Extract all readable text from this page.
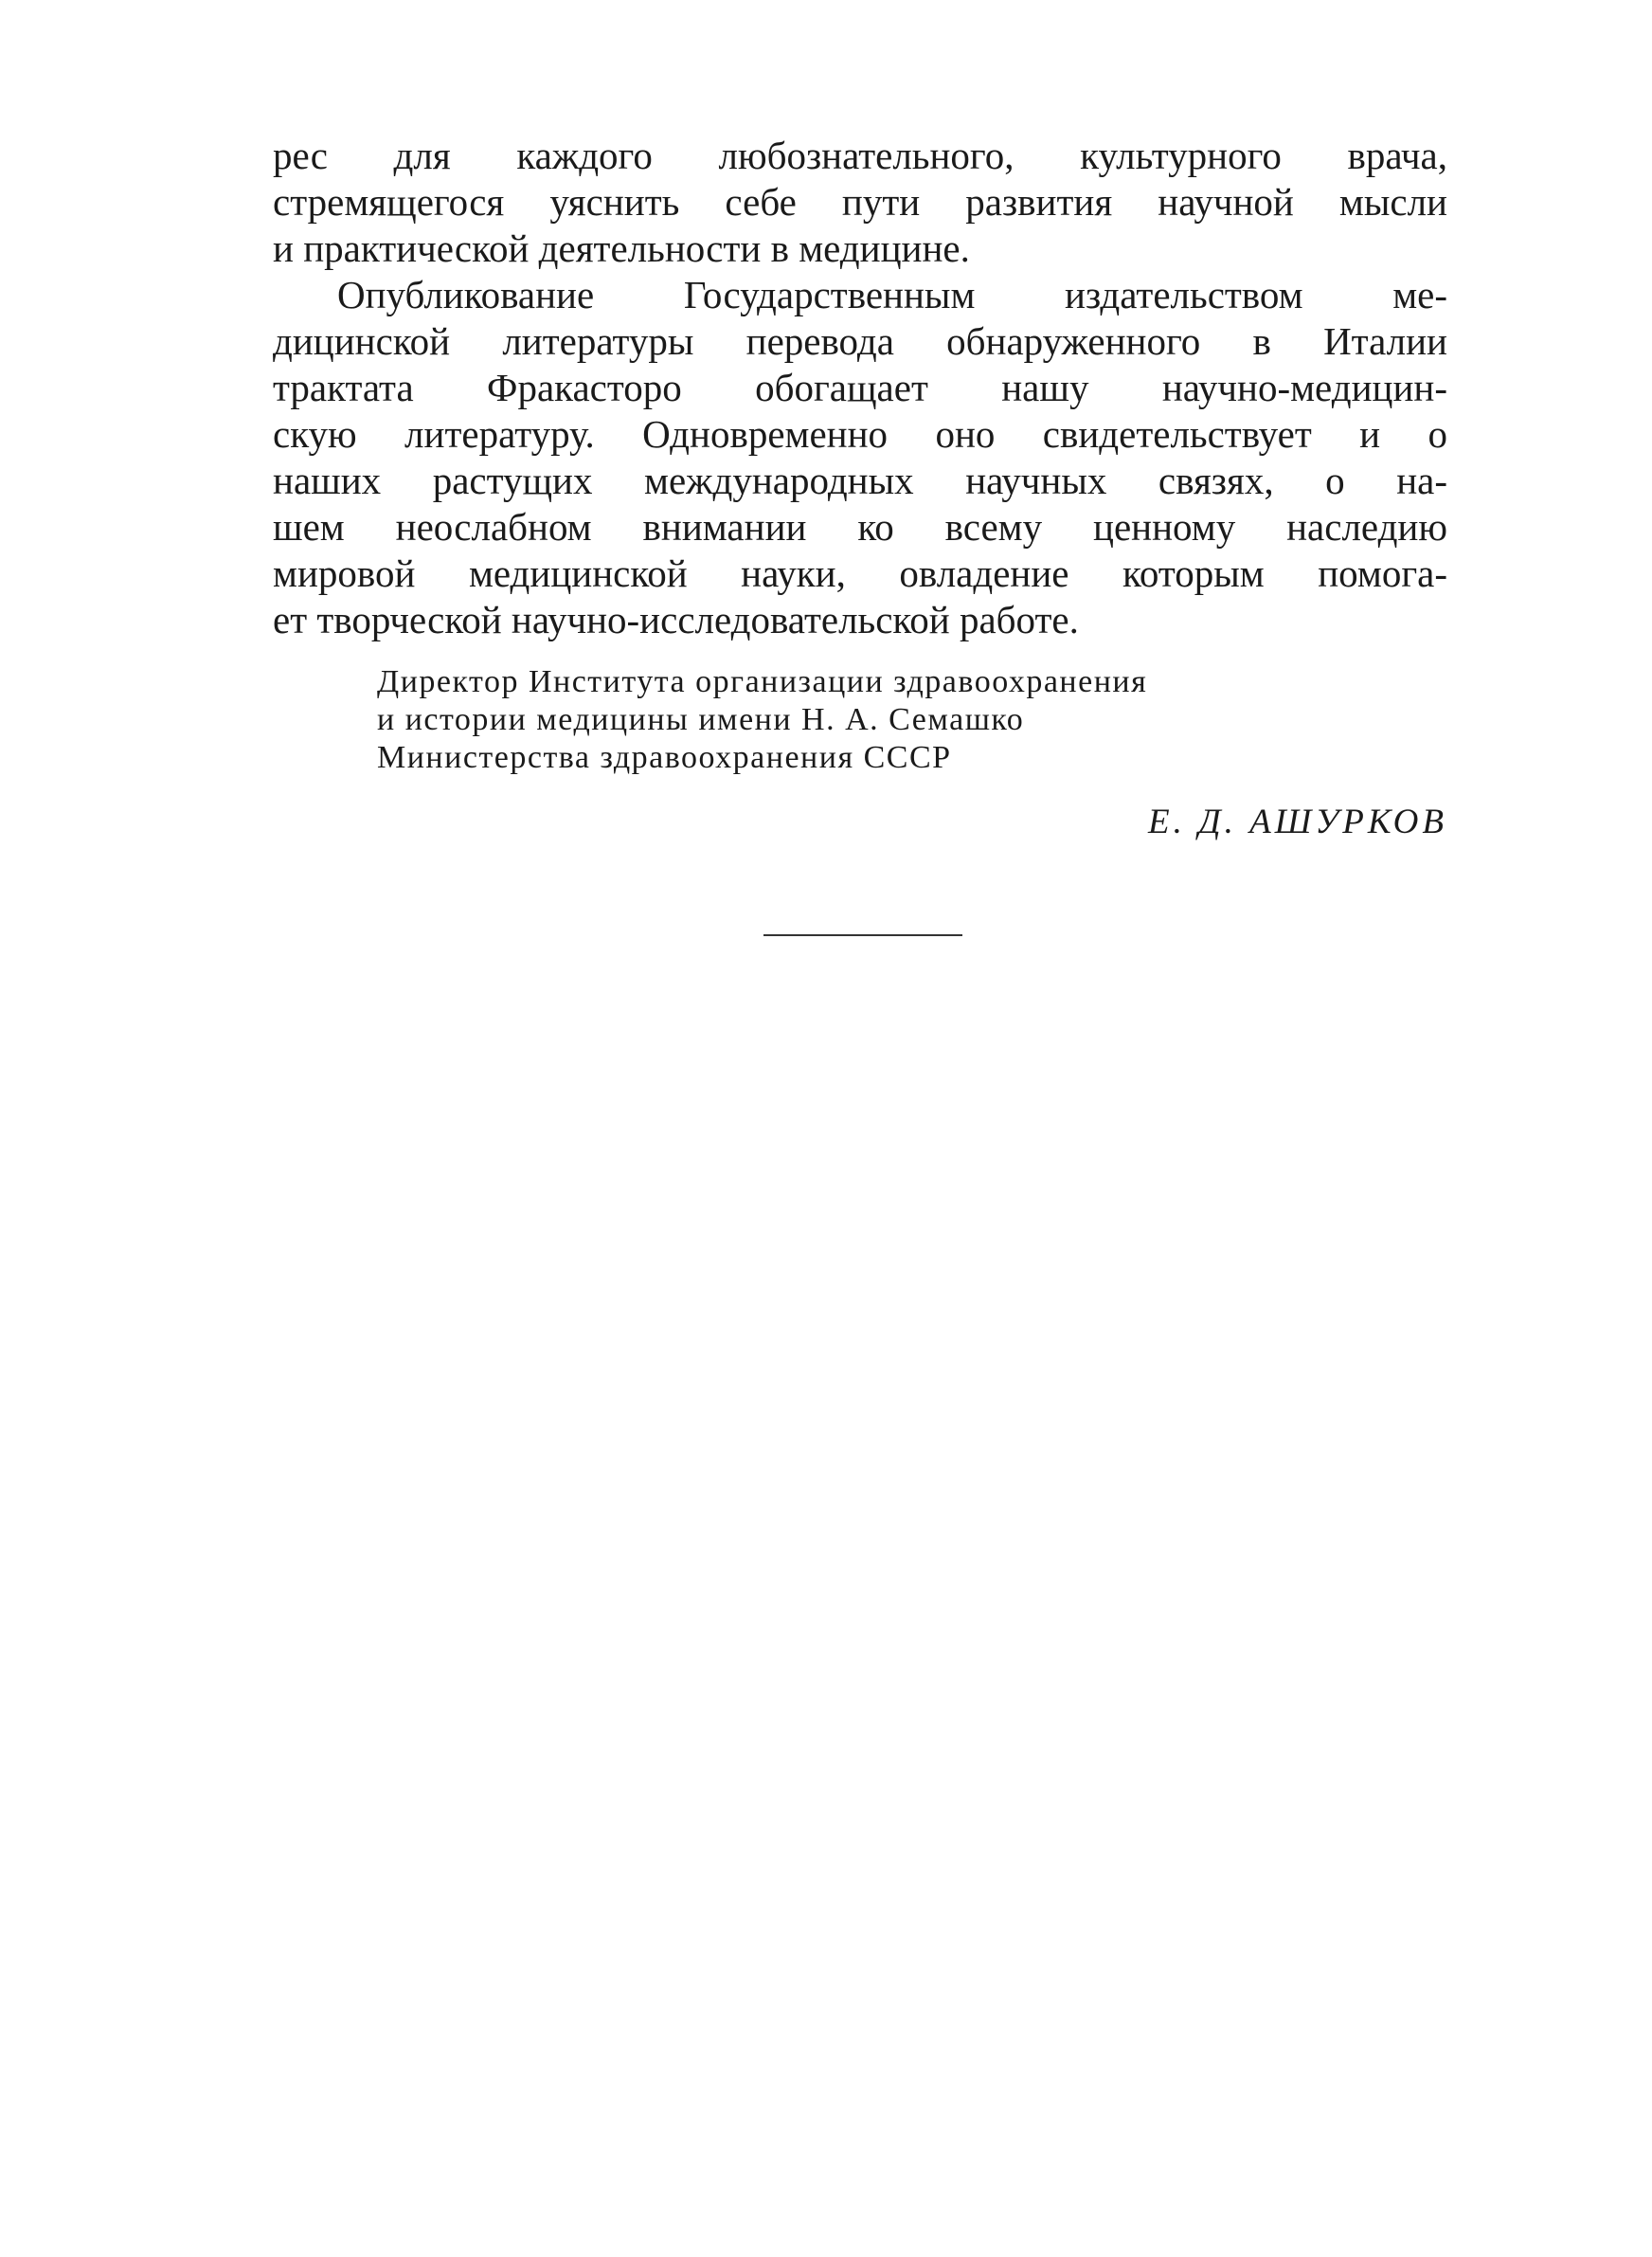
рес для каждого любознательного, культурного врача,
стремящегося уяснить себе пути развития научной мысли
и практической деятельности в медицине.
Опубликование Государственным издательством ме-
дицинской литературы перевода обнаруженного в Италии
трактата Фракасторо обогащает нашу научно-медицин-
скую литературу. Одновременно оно свидетельствует и о
наших растущих международных научных связях, о на-
шем неослабном внимании ко всему ценному наследию
мировой медицинской науки, овладение которым помога-
ет творческой научно-исследовательской работе.
Директор Института организации здравоохранения
и истории медицины имени Н. А. Семашко
Министерства здравоохранения СССР
Е. Д. АШУРКОВ
